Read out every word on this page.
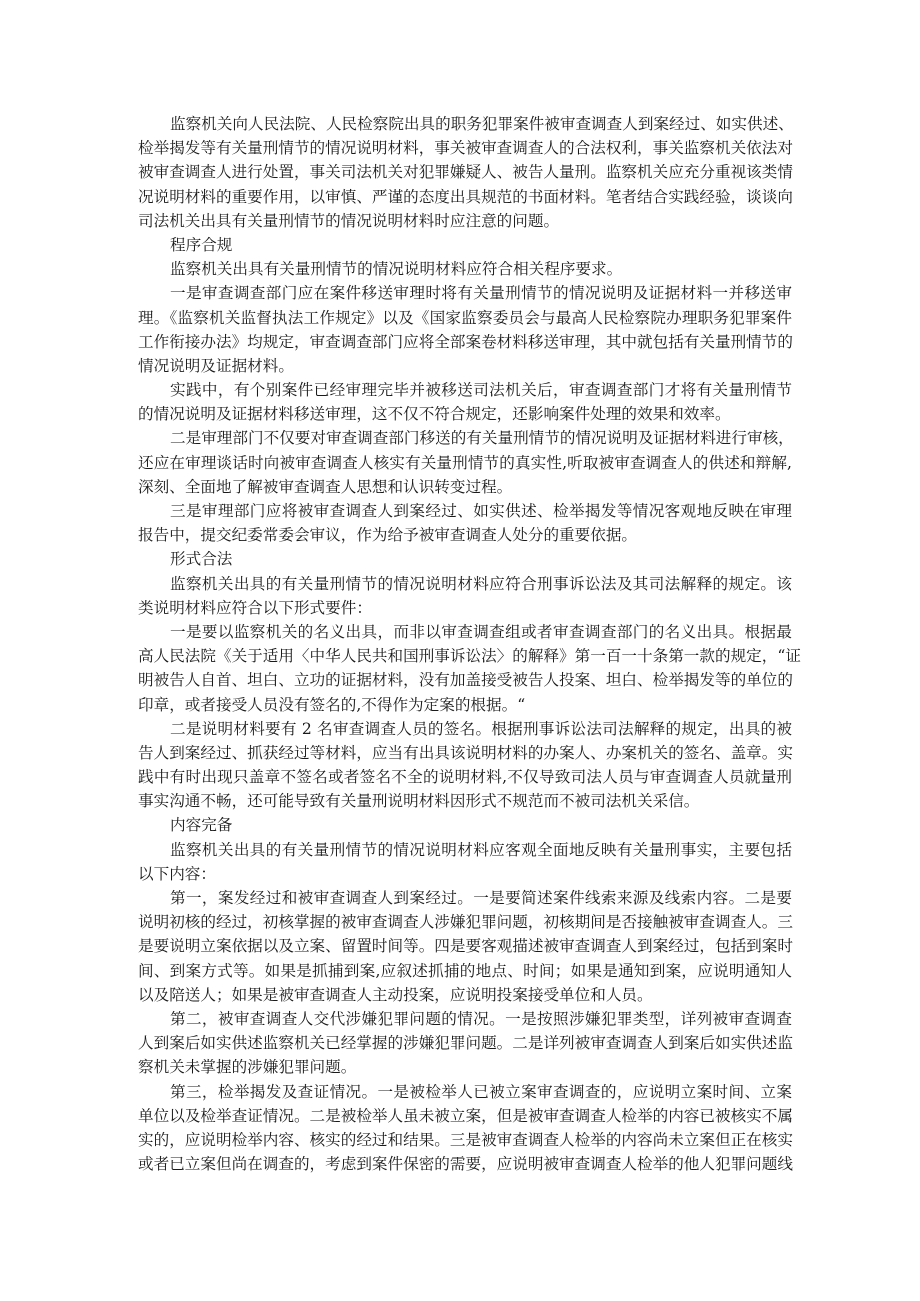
监察机关向人民法院、人民检察院出具的职务犯罪案件被审查调查人到案经过、如实供述、
检举揭发等有关量刑情节的情况说明材料，事关被审查调查人的合法权利，事关监察机关依法对
被审查调查人进行处置，事关司法机关对犯罪嫌疑人、被告人量刑。监察机关应充分重视该类情
况说明材料的重要作用，以审慎、严谨的态度出具规范的书面材料。笔者结合实践经验，谈谈向
司法机关出具有关量刑情节的情况说明材料时应注意的问题。
程序合规
监察机关出具有关量刑情节的情况说明材料应符合相关程序要求。
一是审查调查部门应在案件移送审理时将有关量刑情节的情况说明及证据材料一并移送审
理。《监察机关监督执法工作规定》以及《国家监察委员会与最高人民检察院办理职务犯罪案件
工作衔接办法》均规定，审查调查部门应将全部案卷材料移送审理，其中就包括有关量刑情节的
情况说明及证据材料。
实践中，有个别案件已经审理完毕并被移送司法机关后，审查调查部门才将有关量刑情节
的情况说明及证据材料移送审理，这不仅不符合规定，还影响案件处理的效果和效率。
二是审理部门不仅要对审查调查部门移送的有关量刑情节的情况说明及证据材料进行审核，
还应在审理谈话时向被审查调查人核实有关量刑情节的真实性,听取被审查调查人的供述和辩解,
深刻、全面地了解被审查调查人思想和认识转变过程。
三是审理部门应将被审查调查人到案经过、如实供述、检举揭发等情况客观地反映在审理
报告中，提交纪委常委会审议，作为给予被审查调查人处分的重要依据。
形式合法
监察机关出具的有关量刑情节的情况说明材料应符合刑事诉讼法及其司法解释的规定。该
类说明材料应符合以下形式要件：
一是要以监察机关的名义出具，而非以审查调查组或者审查调查部门的名义出具。根据最
高人民法院《关于适用〈中华人民共和国刑事诉讼法〉的解释》第一百一十条第一款的规定，“证
明被告人自首、坦白、立功的证据材料，没有加盖接受被告人投案、坦白、检举揭发等的单位的
印章，或者接受人员没有签名的,不得作为定案的根据。“
二是说明材料要有 2 名审查调查人员的签名。根据刑事诉讼法司法解释的规定，出具的被
告人到案经过、抓获经过等材料，应当有出具该说明材料的办案人、办案机关的签名、盖章。实
践中有时出现只盖章不签名或者签名不全的说明材料,不仅导致司法人员与审查调查人员就量刑
事实沟通不畅，还可能导致有关量刑说明材料因形式不规范而不被司法机关采信。
内容完备
监察机关出具的有关量刑情节的情况说明材料应客观全面地反映有关量刑事实，主要包括
以下内容：
第一，案发经过和被审查调查人到案经过。一是要简述案件线索来源及线索内容。二是要
说明初核的经过，初核掌握的被审查调查人涉嫌犯罪问题，初核期间是否接触被审查调查人。三
是要说明立案依据以及立案、留置时间等。四是要客观描述被审查调查人到案经过，包括到案时
间、到案方式等。如果是抓捕到案,应叙述抓捕的地点、时间；如果是通知到案，应说明通知人
以及陪送人；如果是被审查调查人主动投案，应说明投案接受单位和人员。
第二，被审查调查人交代涉嫌犯罪问题的情况。一是按照涉嫌犯罪类型，详列被审查调查
人到案后如实供述监察机关已经掌握的涉嫌犯罪问题。二是详列被审查调查人到案后如实供述监
察机关未掌握的涉嫌犯罪问题。
第三，检举揭发及查证情况。一是被检举人已被立案审查调查的，应说明立案时间、立案
单位以及检举查证情况。二是被检举人虽未被立案，但是被审查调查人检举的内容已被核实不属
实的，应说明检举内容、核实的经过和结果。三是被审查调查人检举的内容尚未立案但正在核实
或者已立案但尚在调查的，考虑到案件保密的需要，应说明被审查调查人检举的他人犯罪问题线
